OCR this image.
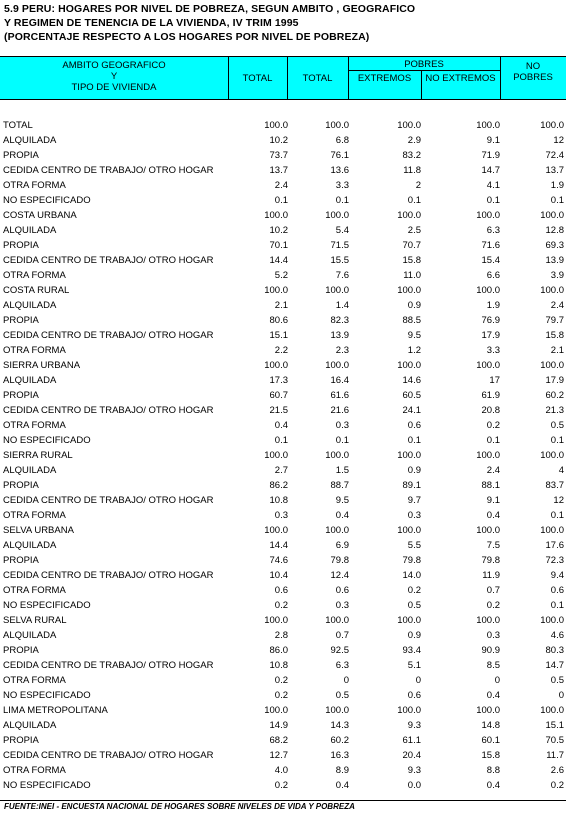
5.9 PERU: HOGARES POR NIVEL DE POBREZA, SEGUN AMBITO , GEOGRAFICO
Y REGIMEN DE TENENCIA DE LA VIVIENDA, IV TRIM 1995
(PORCENTAJE RESPECTO A LOS HOGARES POR NIVEL DE POBREZA)
AMBITO GEOGRAFICO
Y
TIPO DE VIVIENDA
TOTAL	TOTAL
POBRES
EXTREMOS	NO EXTREMOS
NO
POBRES
TOTAL	100.0	100.0	100.0	100.0	100.0
ALQUILADA	10.2	6.8	2.9	9.1	12
PROPIA	73.7	76.1	83.2	71.9	72.4
CEDIDA CENTRO DE TRABAJO/ OTRO HOGAR	13.7	13.6	11.8	14.7	13.7
OTRA FORMA	2.4	3.3	2	4.1	1.9
NO ESPECIFICADO	0.1	0.1	0.1	0.1	0.1
COSTA URBANA	100.0	100.0	100.0	100.0	100.0
ALQUILADA	10.2	5.4	2.5	6.3	12.8
PROPIA	70.1	71.5	70.7	71.6	69.3
CEDIDA CENTRO DE TRABAJO/ OTRO HOGAR	14.4	15.5	15.8	15.4	13.9
OTRA FORMA	5.2	7.6	11.0	6.6	3.9
COSTA RURAL	100.0	100.0	100.0	100.0	100.0
ALQUILADA	2.1	1.4	0.9	1.9	2.4
PROPIA	80.6	82.3	88.5	76.9	79.7
CEDIDA CENTRO DE TRABAJO/ OTRO HOGAR	15.1	13.9	9.5	17.9	15.8
OTRA FORMA	2.2	2.3	1.2	3.3	2.1
SIERRA URBANA	100.0	100.0	100.0	100.0	100.0
ALQUILADA	17.3	16.4	14.6	17	17.9
PROPIA	60.7	61.6	60.5	61.9	60.2
CEDIDA CENTRO DE TRABAJO/ OTRO HOGAR	21.5	21.6	24.1	20.8	21.3
OTRA FORMA	0.4	0.3	0.6	0.2	0.5
NO ESPECIFICADO	0.1	0.1	0.1	0.1	0.1
SIERRA RURAL	100.0	100.0	100.0	100.0	100.0
ALQUILADA	2.7	1.5	0.9	2.4	4
PROPIA	86.2	88.7	89.1	88.1	83.7
CEDIDA CENTRO DE TRABAJO/ OTRO HOGAR	10.8	9.5	9.7	9.1	12
OTRA FORMA	0.3	0.4	0.3	0.4	0.1
SELVA URBANA	100.0	100.0	100.0	100.0	100.0
ALQUILADA	14.4	6.9	5.5	7.5	17.6
PROPIA	74.6	79.8	79.8	79.8	72.3
CEDIDA CENTRO DE TRABAJO/ OTRO HOGAR	10.4	12.4	14.0	11.9	9.4
OTRA FORMA	0.6	0.6	0.2	0.7	0.6
NO ESPECIFICADO	0.2	0.3	0.5	0.2	0.1
SELVA RURAL	100.0	100.0	100.0	100.0	100.0
ALQUILADA	2.8	0.7	0.9	0.3	4.6
PROPIA	86.0	92.5	93.4	90.9	80.3
CEDIDA CENTRO DE TRABAJO/ OTRO HOGAR	10.8	6.3	5.1	8.5	14.7
OTRA FORMA	0.2	0	0	0	0.5
NO ESPECIFICADO	0.2	0.5	0.6	0.4	0
LIMA METROPOLITANA	100.0	100.0	100.0	100.0	100.0
ALQUILADA	14.9	14.3	9.3	14.8	15.1
PROPIA	68.2	60.2	61.1	60.1	70.5
CEDIDA CENTRO DE TRABAJO/ OTRO HOGAR	12.7	16.3	20.4	15.8	11.7
OTRA FORMA	4.0	8.9	9.3	8.8	2.6
NO ESPECIFICADO	0.2	0.4	0.0	0.4	0.2
FUENTE:INEI - ENCUESTA NACIONAL DE HOGARES SOBRE NIVELES DE VIDA Y POBREZA
